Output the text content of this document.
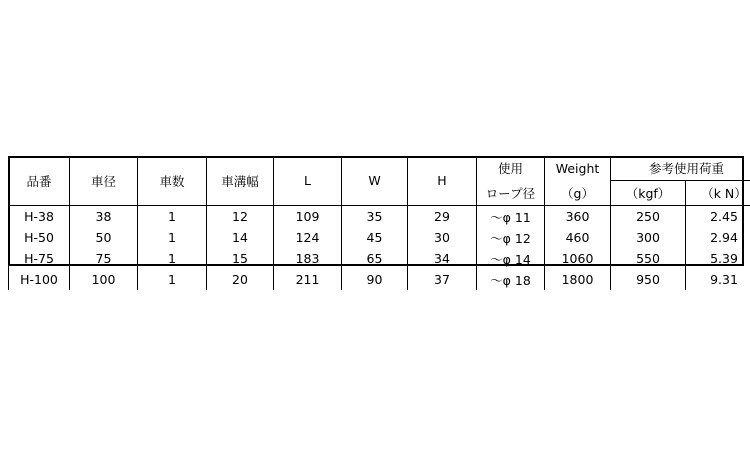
品番	車径	車数	車溝幅	L	W	H	使用	Weight	参考使用荷重	
							ロープ径	（g）	（kgf）	（k N）
H-38	38	1	12	109	35	29	～φ 11	360	250	2.45
H-50	50	1	14	124	45	30	～φ 12	460	300	2.94
H-75	75	1	15	183	65	34	～φ 14	1060	550	5.39
H-100	100	1	20	211	90	37	～φ 18	1800	950	9.31
